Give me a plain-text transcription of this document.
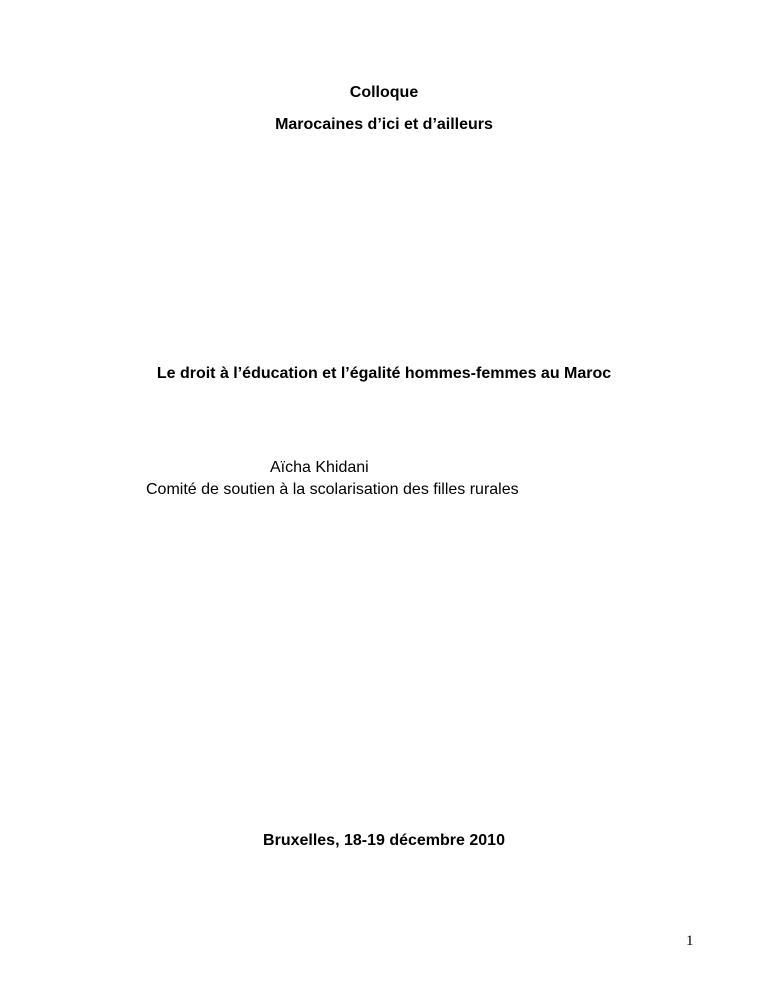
Colloque
Marocaines d’ici et d’ailleurs
Le droit à l’éducation et l’égalité hommes-femmes au Maroc
Aïcha Khidani
Comité de soutien à la scolarisation des filles rurales
Bruxelles, 18-19 décembre 2010
1
